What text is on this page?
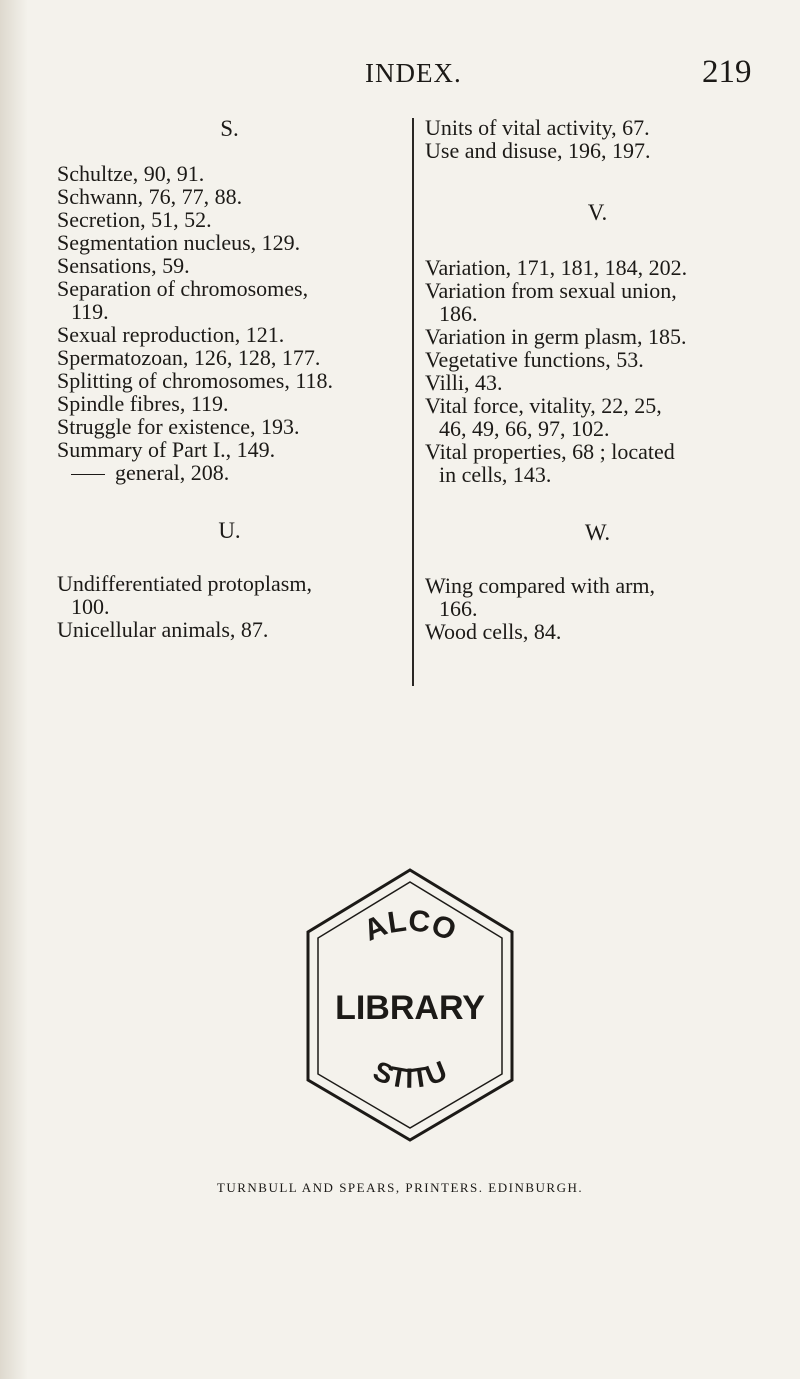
INDEX.	219
S.

Schultze, 90, 91.

Schwann, 76, 77, 88.

Secretion, 51, 52.

Segmentation nucleus, 129.

Sensations, 59.

Separation of chromosomes,
119.

Sexual reproduction, 121.

Spermatozoan, 126, 128, 177.

Splitting of chromosomes, 118.

Spindle fibres, 119.

Struggle for existence, 193.

Summary of Part I., 149.

general, 208.

U.

Undifferentiated protoplasm,
100.

Unicellular animals, 87.

Units of vital activity, 67.

Use and disuse, 196, 197.

V.

Variation, 171, 181, 184, 202.

Variation from sexual union,
186.

Variation in germ plasm, 185.

Vegetative functions, 53.

Villi, 43.

Vital force, vitality, 22, 25,
46, 49, 66, 97, 102.

Vital properties, 68 ; located
in cells, 143.

W.

Wing compared with arm,
166.

Wood cells, 84.

ALCO
LIBRARY
STITU
TURNBULL AND SPEARS, PRINTERS. EDINBURGH.
